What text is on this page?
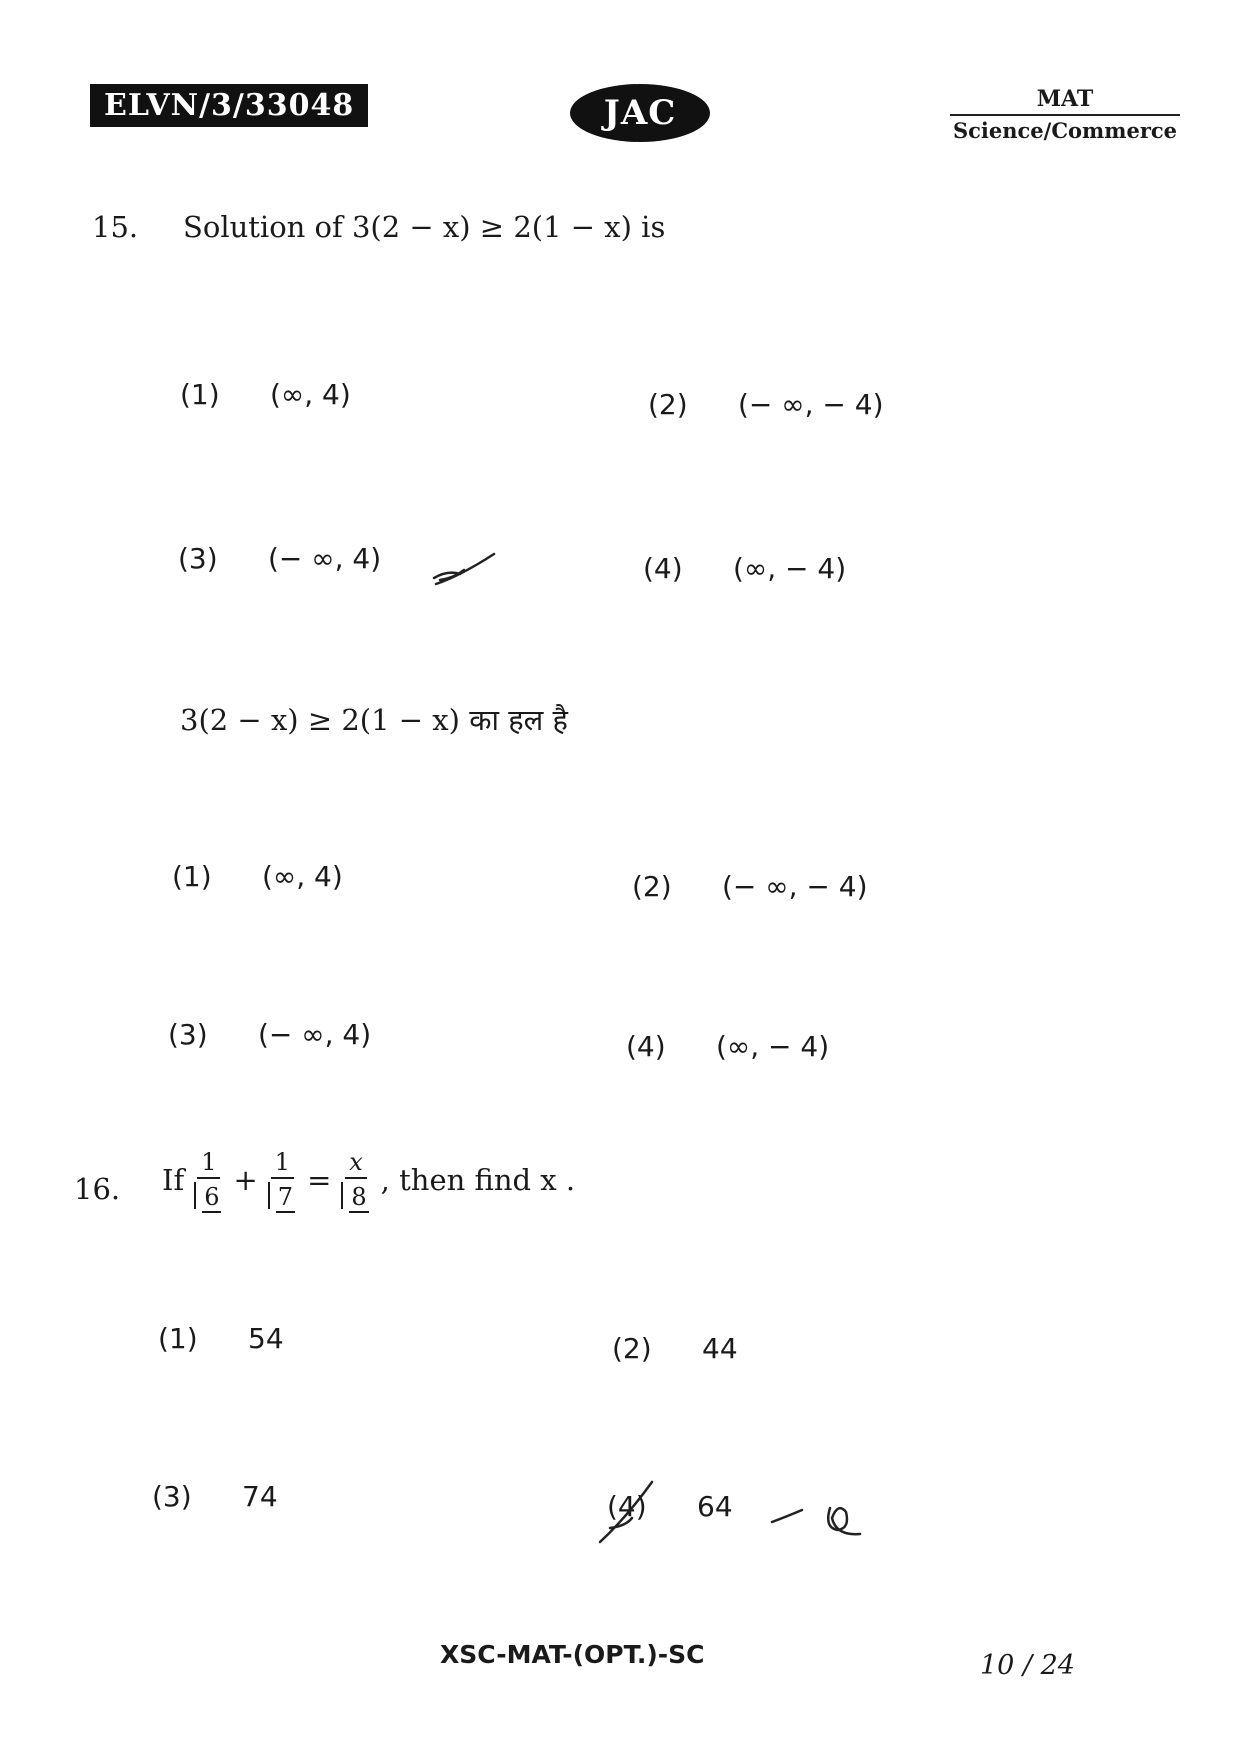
ELVN/3/33048	JAC	MAT
Science/Commerce
15. Solution of 3(2 − x) ≥ 2(1 − x) is
(1) (∞, 4)	(2) (− ∞, − 4)
(3) (− ∞, 4)	(4) (∞, − 4)
3(2 − x) ≥ 2(1 − x) का हल है
(1) (∞, 4)	(2) (− ∞, − 4)
(3) (− ∞, 4)	(4) (∞, − 4)
16. If $\frac{1}{6} + \frac{1}{7} = \frac{x}{8}$ , then find x .
(1) 54	(2) 44
(3) 74	(4) 64
XSC-MAT-(OPT.)-SC	10 / 24
